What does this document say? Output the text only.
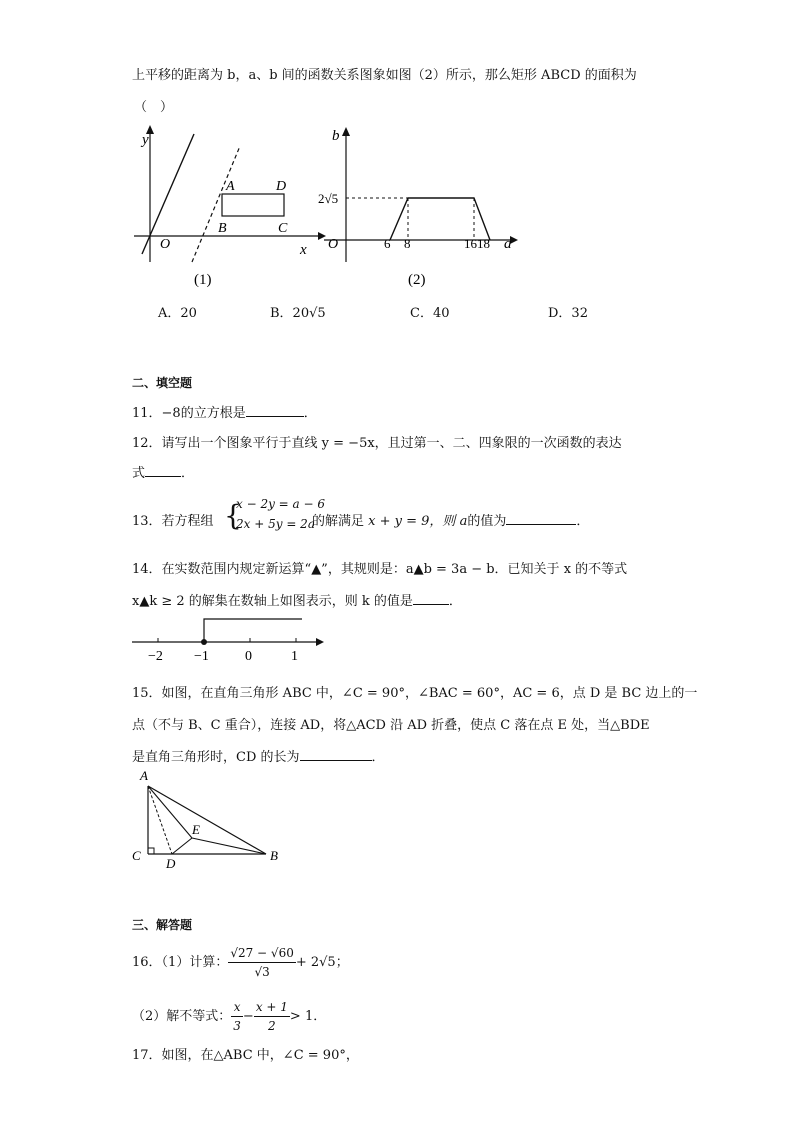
上平移的距离为 b，a、b 间的函数关系图象如图（2）所示，那么矩形 ABCD 的面积为
（　）
y
x
O
A	D
B	C
(1)
b
a
O
2√5
6 8	1618
(2)
A．20	B．20√5	C．40	D．32
二、填空题
11．−8的立方根是	．
12．请写出一个图象平行于直线 y = −5x，且过第一、二、四象限的一次函数的表达
式	．
13．若方程组 {
x − 2y = a − 6
2x + 5y = 2a
的解满足 x + y = 9，则 a的值为	．
14．在实数范围内规定新运算“▲”，其规则是：a▲b = 3a − b．已知关于 x 的不等式
x▲k ≥ 2 的解集在数轴上如图表示，则 k 的值是	．
−2 −1	0	1
15．如图，在直角三角形 ABC 中，∠C = 90°，∠BAC = 60°，AC = 6，点 D 是 BC 边上的一
点（不与 B、C 重合），连接 AD，将△ACD 沿 AD 折叠，使点 C 落在点 E 处，当△BDE
是直角三角形时，CD 的长为	．
A
C
D
E
B
三、解答题
16．（1）计算： $\frac{√27 - √60}{√3} + 2√5$；
（2）解不等式： $\frac{x}{3} - \frac{x + 1}{2} > 1$．
17．如图，在△ABC 中，∠C = 90°，
